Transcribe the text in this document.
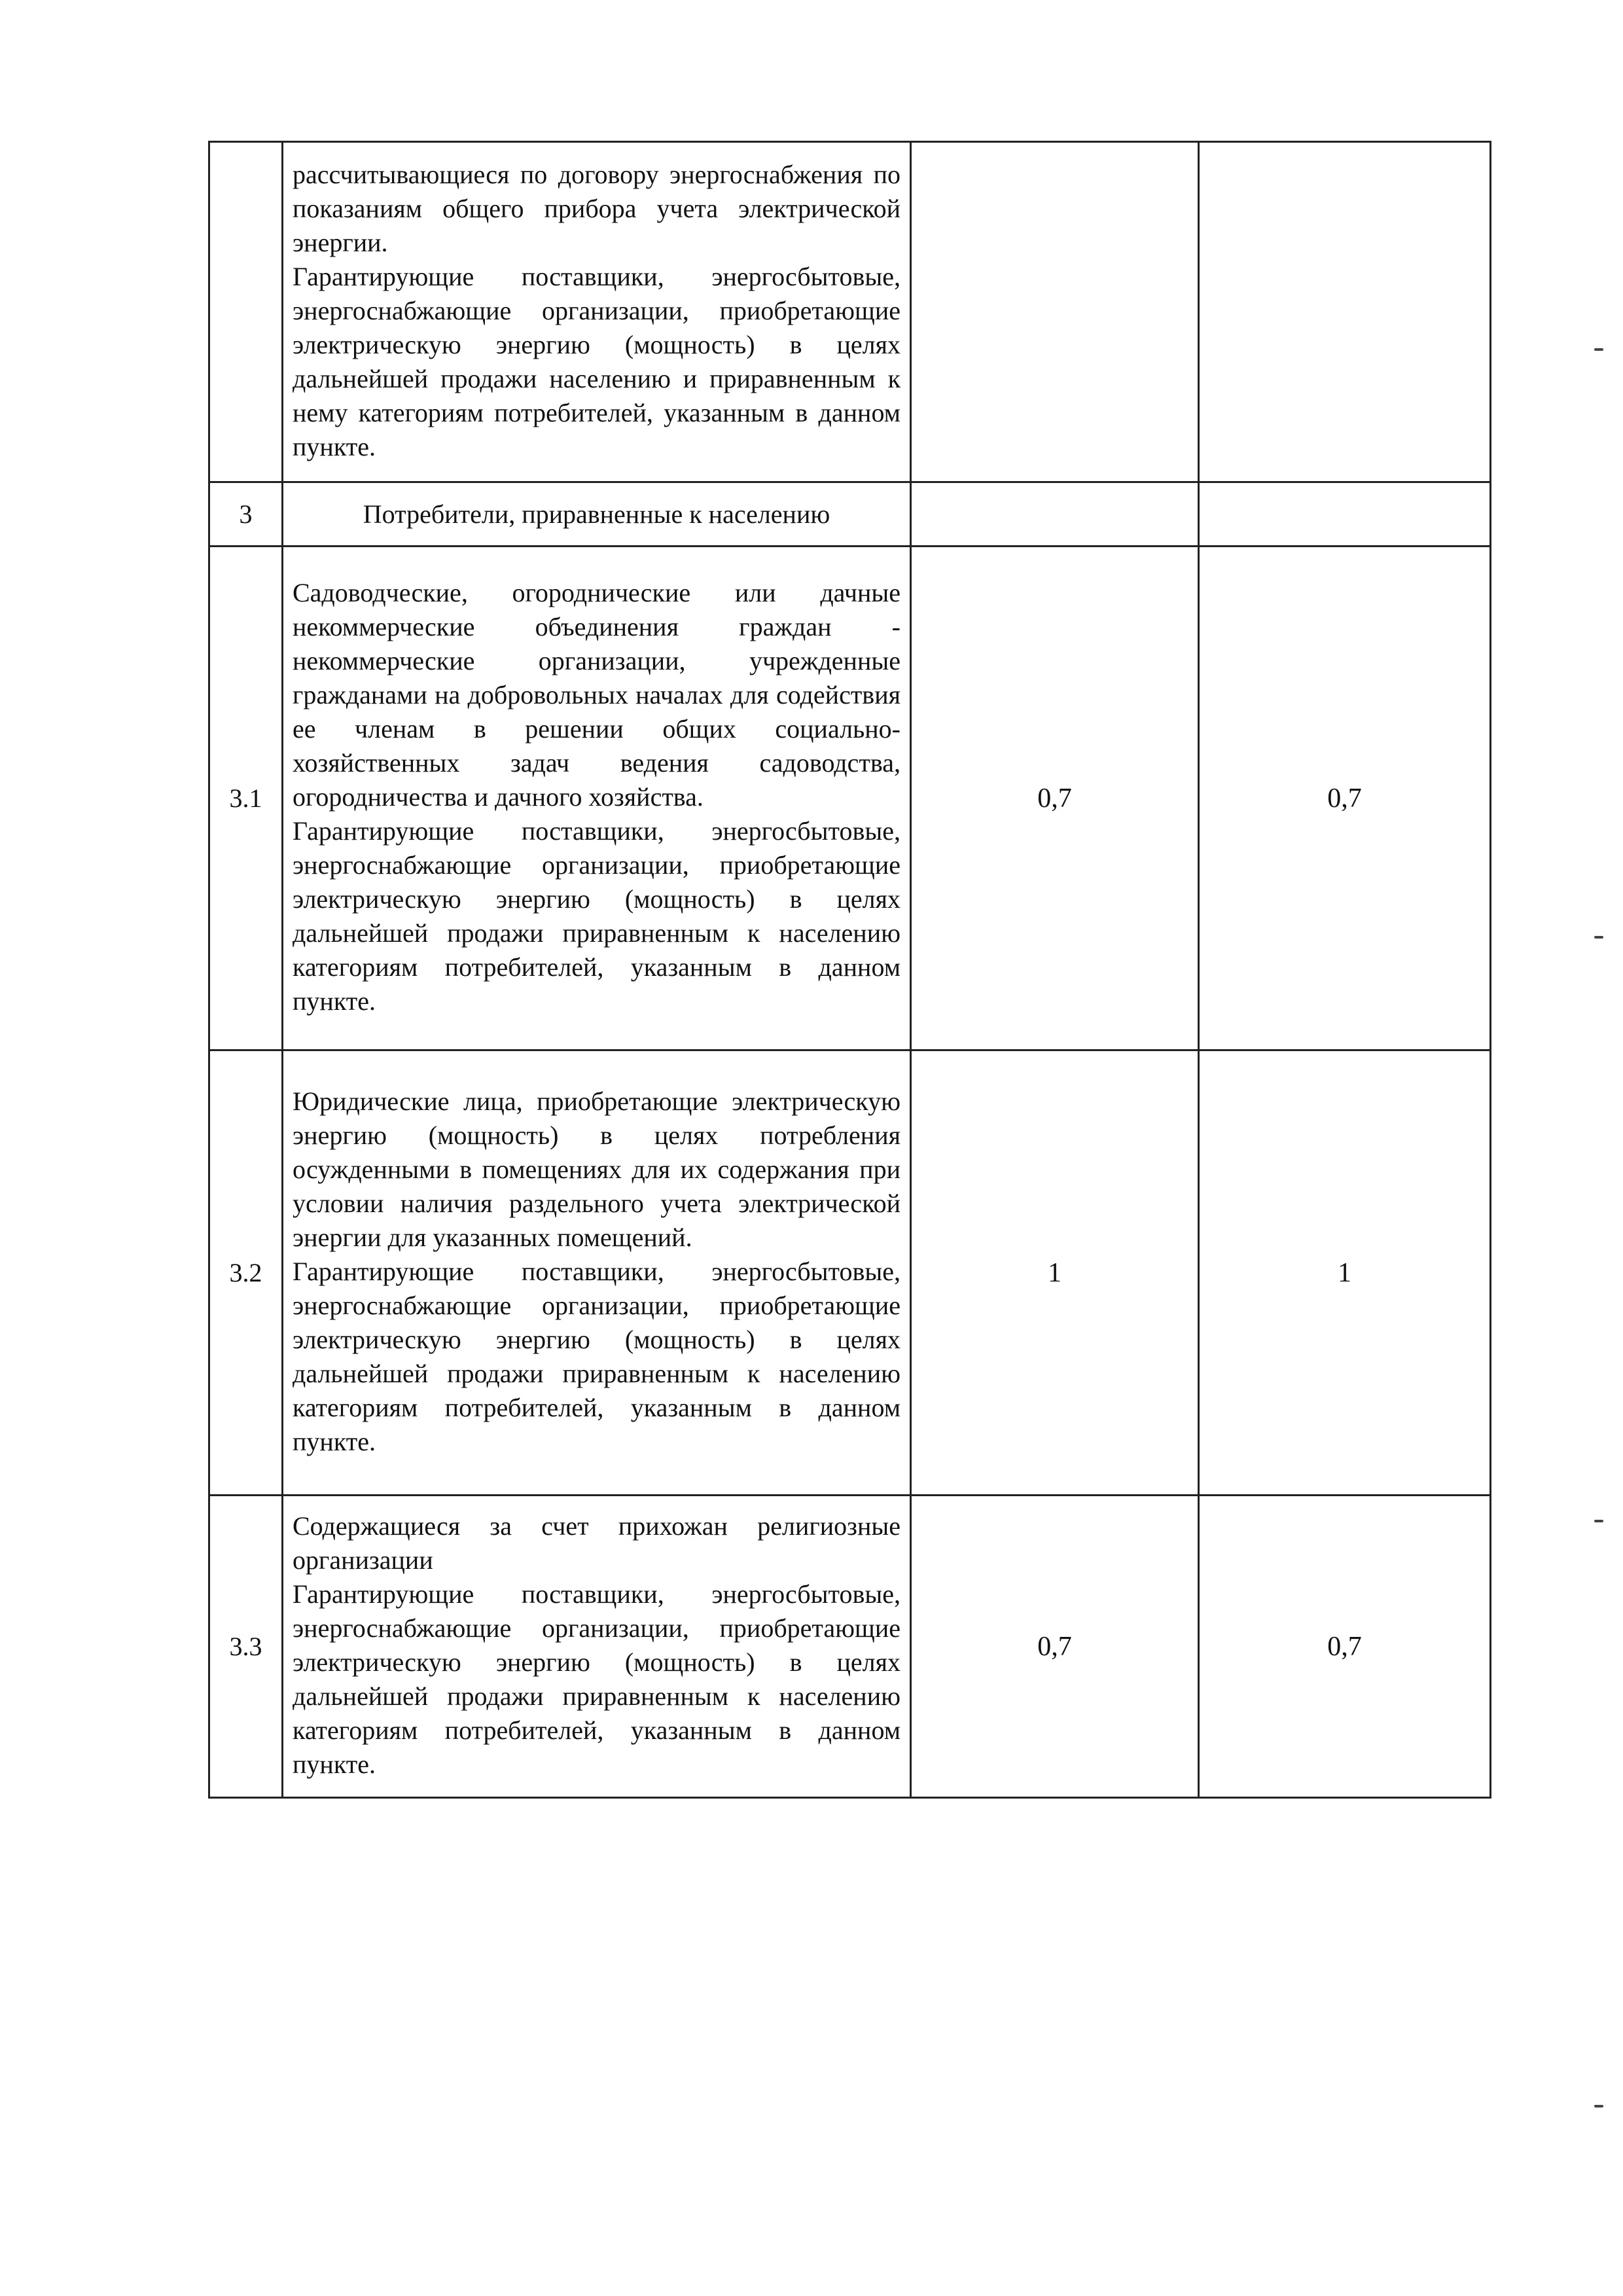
	рассчитывающиеся по договору энергоснабжения по показаниям общего прибора учета электрической энергии.

Гарантирующие поставщики, энергосбытовые, энергоснабжающие организации, приобретающие электрическую энергию (мощность) в целях дальнейшей продажи населению и приравненным к нему категориям потребителей, указанным в данном пункте.		

3	Потребители, приравненные к населению		
3.1	Садоводческие, огороднические или дачные некоммерческие объединения граждан - некоммерческие организации, учрежденные гражданами на добровольных началах для содействия ее членам в решении общих социально-хозяйственных задач ведения садоводства, огородничества и дачного хозяйства.

Гарантирующие поставщики, энергосбытовые, энергоснабжающие организации, приобретающие электрическую энергию (мощность) в целях дальнейшей продажи приравненным к населению категориям потребителей, указанным в данном пункте.	0,7	0,7
3.2	Юридические лица, приобретающие электрическую энергию (мощность) в целях потребления осужденными в помещениях для их содержания при условии наличия раздельного учета электрической энергии для указанных помещений.

Гарантирующие поставщики, энергосбытовые, энергоснабжающие организации, приобретающие электрическую энергию (мощность) в целях дальнейшей продажи приравненным к населению категориям потребителей, указанным в данном пункте.	1	1
3.3	Содержащиеся за счет прихожан религиозные организации

Гарантирующие поставщики, энергосбытовые, энергоснабжающие организации, приобретающие электрическую энергию (мощность) в целях дальнейшей продажи приравненным к населению категориям потребителей, указанным в данном пункте.	0,7	0,7
